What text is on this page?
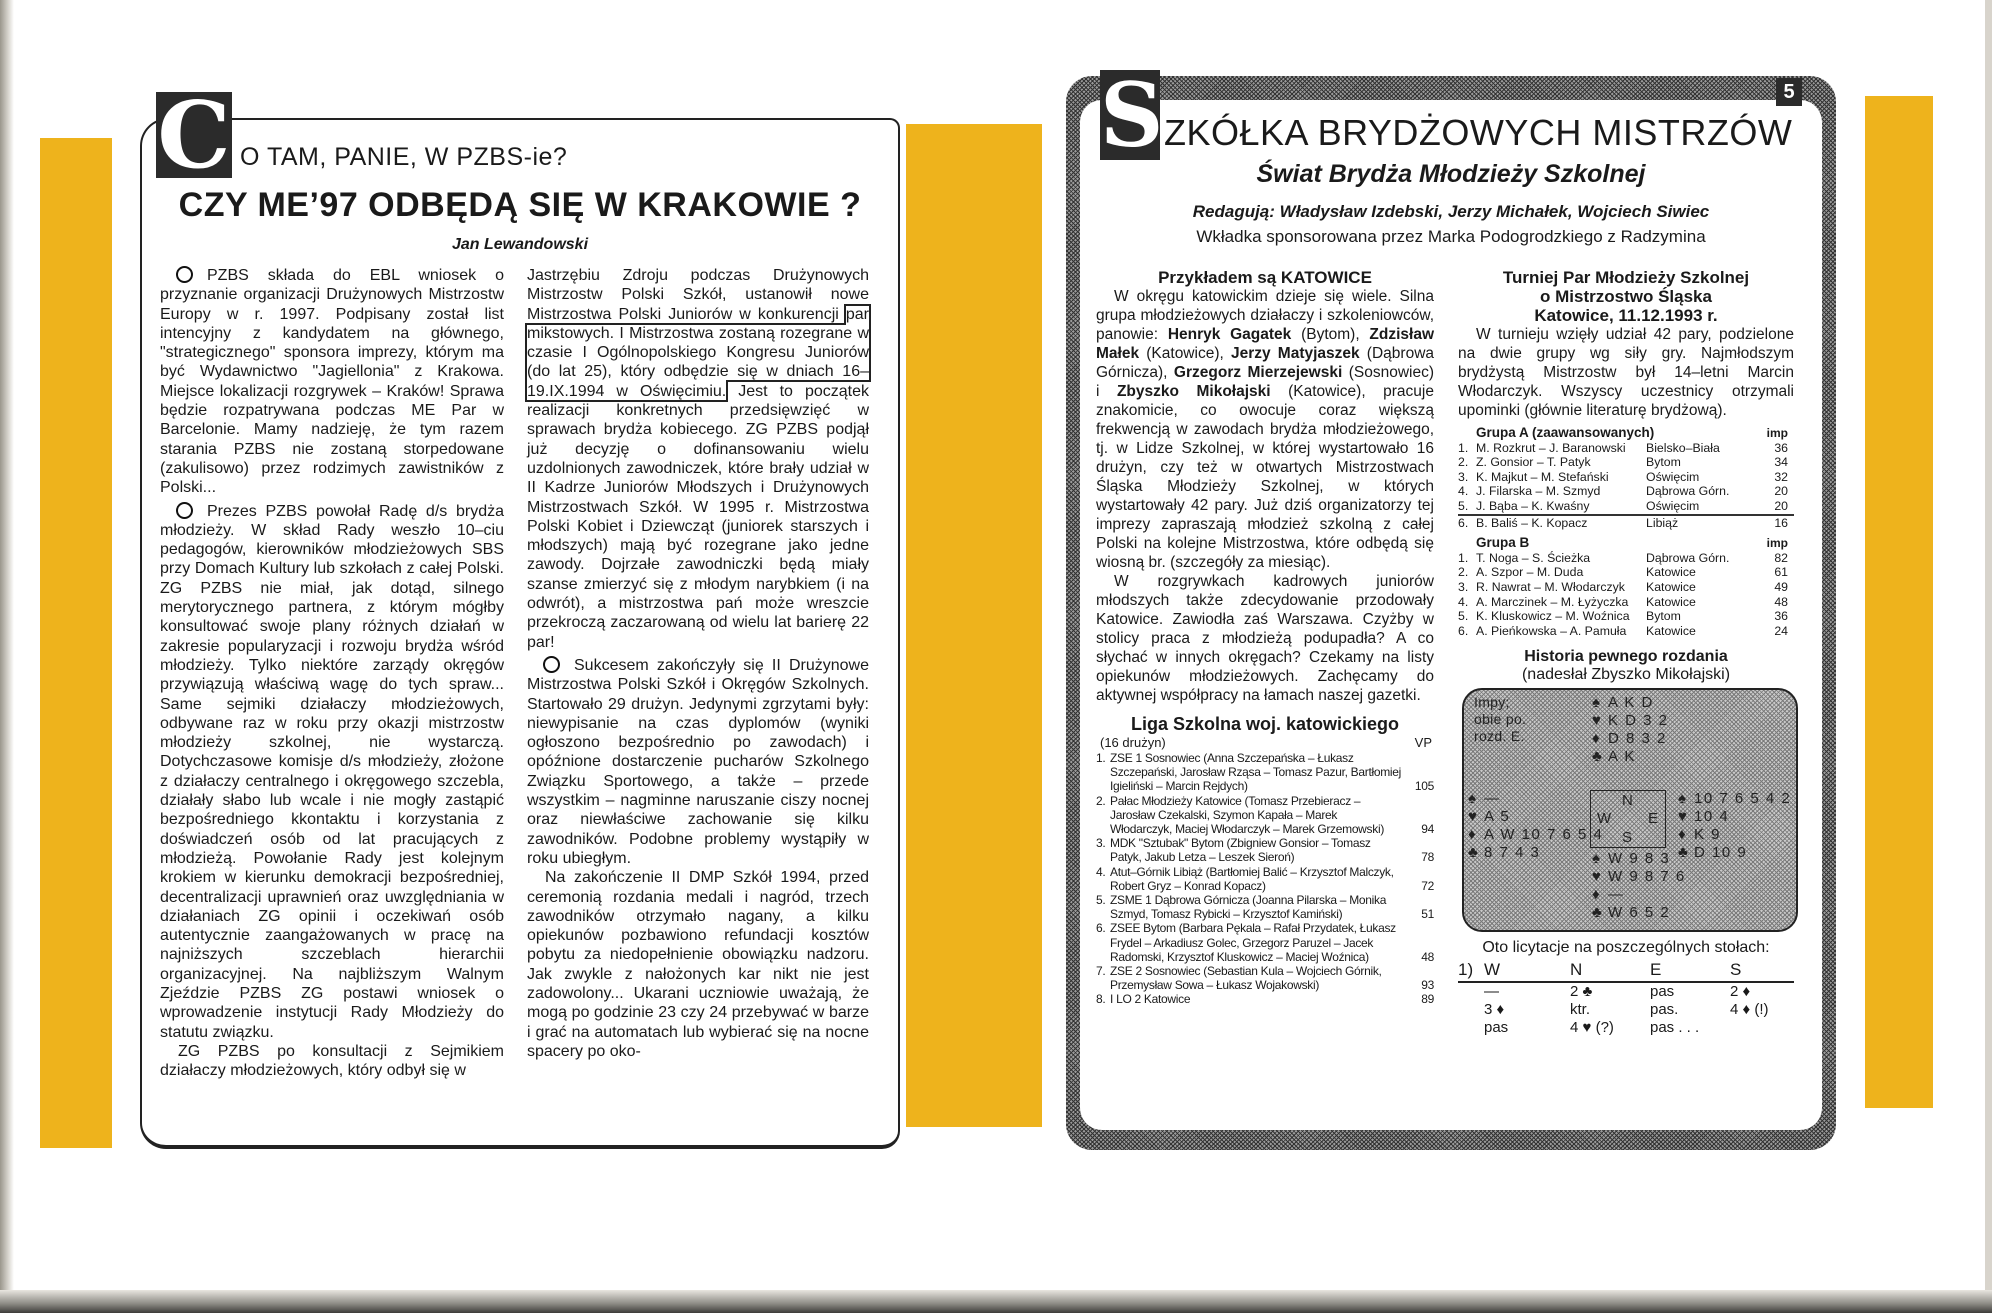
C O TAM, PANIE, W PZBS-ie?
CZY ME’97 ODBĘDĄ SIĘ W KRAKOWIE ?
Jan Lewandowski

PZBS składa do EBL wniosek o przyznanie organizacji Drużynowych Mistrzostw Europy w r. 1997. Podpisany został list intencyjny z kandydatem na głównego, "strategicznego" sponsora imprezy, którym ma być Wydawnictwo "Jagiellonia" z Krakowa. Miejsce lokalizacji rozgrywek – Kraków! Sprawa będzie rozpatrywana podczas ME Par w Barcelonie. Mamy nadzieję, że tym razem starania PZBS nie zostaną storpedowane (zakulisowo) przez rodzimych zawistników z Polski...

Prezes PZBS powołał Radę d/s brydża młodzieży. W skład Rady weszło 10–ciu pedagogów, kierowników młodzieżowych SBS przy Domach Kultury lub szkołach z całej Polski. ZG PZBS nie miał, jak dotąd, silnego merytorycznego partnera, z którym mógłby konsultować swoje plany różnych działań w zakresie popularyzacji i rozwoju brydża wśród młodzieży. Tylko niektóre zarządy okręgów przywiązują właściwą wagę do tych spraw... Same sejmiki działaczy młodzieżowych, odbywane raz w roku przy okazji mistrzostw młodzieży szkolnej, nie wystarczą. Dotychczasowe komisje d/s młodzieży, złożone z działaczy centralnego i okręgowego szczebla, działały słabo lub wcale i nie mogły zastąpić bezpośredniego kkontaktu i korzystania z doświadczeń osób od lat pracujących z młodzieżą. Powołanie Rady jest kolejnym krokiem w kierunku demokracji bezpośredniej, decentralizacji uprawnień oraz uwzględniania w działaniach ZG opinii i oczekiwań osób autentycznie zaangażowanych w pracę na najniższych szczeblach hierarchii organizacyjnej. Na najbliższym Walnym Zjeździe PZBS ZG postawi wniosek o wprowadzenie instytucji Rady Młodzieży do statutu związku.

ZG PZBS po konsultacji z Sejmikiem działaczy młodzieżowych, który odbył się w

Jastrzębiu Zdroju podczas Drużynowych Mistrzostw Polski Szkół, ustanowił nowe Mistrzostwa Polski Juniorów w konkurencji par mikstowych. I Mistrzostwa zostaną rozegrane w czasie I Ogólnopolskiego Kongresu Juniorów (do lat 25), który odbędzie się w dniach 16–19.IX.1994 w Oświęcimiu. Jest to początek realizacji konkretnych przedsięwzięć w sprawach brydża kobiecego. ZG PZBS podjął już decyzję o dofinansowaniu wielu uzdolnionych zawodniczek, które brały udział w II Kadrze Juniorów Młodszych i Drużynowych Mistrzostwach Szkół. W 1995 r. Mistrzostwa Polski Kobiet i Dziewcząt (juniorek starszych i młodszych) mają być rozegrane jako jedne zawody. Dojrzałe zawodniczki będą miały szanse zmierzyć się z młodym narybkiem (i na odwrót), a mistrzostwa pań może wreszcie przekroczą zaczarowaną od wielu lat barierę 22 par!

Sukcesem zakończyły się II Drużynowe Mistrzostwa Polski Szkół i Okręgów Szkolnych. Startowało 29 drużyn. Jedynymi zgrzytami były: niewypisanie na czas dyplomów (wyniki ogłoszono bezpośrednio po zawodach) i opóźnione dostarczenie pucharów Szkolnego Związku Sportowego, a także – przede wszystkim – nagminne naruszanie ciszy nocnej oraz niewłaściwe zachowanie się kilku zawodników. Podobne problemy wystąpiły w roku ubiegłym.

Na zakończenie II DMP Szkół 1994, przed ceremonią rozdania medali i nagród, trzech zawodników otrzymało nagany, a kilku opiekunów pozbawiono refundacji kosztów pobytu za niedopełnienie obowiązku nadzoru. Jak zwykle z nałożonych kar nikt nie jest zadowolony... Ukarani uczniowie uważają, że mogą po godzinie 23 czy 24 przebywać w barze i grać na automatach lub wybierać się na nocne spacery po oko-

S	5
ZKÓŁKA BRYDŻOWYCH MISTRZÓW
Świat Brydża Młodzieży Szkolnej
Redagują: Władysław Izdebski, Jerzy Michałek, Wojciech Siwiec
Wkładka sponsorowana przez Marka Podogrodzkiego z Radzymina
Przykładem są KATOWICE

W okręgu katowickim dzieje się wiele. Silna grupa młodzieżowych działaczy i szkoleniowców, panowie: Henryk Gagatek (Bytom), Zdzisław Małek (Katowice), Jerzy Matyjaszek (Dąbrowa Górnicza), Grzegorz Mierzejewski (Sosnowiec) i Zbyszko Mikołajski (Katowice), pracuje znakomicie, co owocuje coraz większą frekwencją w zawodach brydża młodzieżowego, tj. w Lidze Szkolnej, w której wystartowało 16 drużyn, czy też w otwartych Mistrzostwach Śląska Młodzieży Szkolnej, w których wystartowały 42 pary. Już dziś organizatorzy tej imprezy zapraszają młodzież szkolną z całej Polski na kolejne Mistrzostwa, które odbędą się wiosną br. (szczegóły za miesiąc).

W rozgrywkach kadrowych juniorów młodszych także zdecydowanie przodowały Katowice. Zawiodła zaś Warszawa. Czyżby w stolicy praca z młodzieżą podupadła? A co słychać w innych okręgach? Czekamy na listy opiekunów młodzieżowych. Zachęcamy do aktywnej współpracy na łamach naszej gazetki.

Liga Szkolna woj. katowickiego
(16 drużyn)	VP
1. ZSE 1 Sosnowiec (Anna Szczepańska – Łukasz Szczepański, Jarosław Rząsa – Tomasz Pazur, Bartłomiej Igieliński – Marcin Rejdych)	105
2. Pałac Młodzieży Katowice (Tomasz Przebieracz – Jarosław Czekalski, Szymon Kapała – Marek Włodarczyk, Maciej Włodarczyk – Marek Grzemowski)	94
3. MDK "Sztubak" Bytom (Zbigniew Gonsior – Tomasz Patyk, Jakub Letza – Leszek Sieroń)	78
4. Atut–Górnik Libiąż (Bartłomiej Balić – Krzysztof Malczyk, Robert Gryz – Konrad Kopacz)	72
5. ZSME 1 Dąbrowa Górnicza (Joanna Pilarska – Monika Szmyd, Tomasz Rybicki – Krzysztof Kamiński)	51
6. ZSEE Bytom (Barbara Pękala – Rafał Przydatek, Łukasz Frydel – Arkadiusz Golec, Grzegorz Paruzel – Jacek Radomski, Krzysztof Kluskowicz – Maciej Woźnica)	48
7. ZSE 2 Sosnowiec (Sebastian Kula – Wojciech Górnik, Przemysław Sowa – Łukasz Wojakowski)	93
8. I LO 2 Katowice	89
Turniej Par Młodzieży Szkolnej
o Mistrzostwo Śląska
Katowice, 11.12.1993 r.

W turnieju wzięły udział 42 pary, podzielone na dwie grupy wg siły gry. Najmłodszym brydżystą Mistrzostw był 14–letni Marcin Włodarczyk. Wszyscy uczestnicy otrzymali upominki (głównie literaturę brydżową).

Grupa A (zaawansowanych)	imp
1. M. Rozkrut – J. Baranowski	Bielsko–Biała	36
2. Z. Gonsior – T. Patyk	Bytom	34
3. K. Majkut – M. Stefański	Oświęcim	32
4. J. Filarska – M. Szmyd	Dąbrowa Górn.	20
5. J. Bąba – K. Kwaśny	Oświęcim	20
6. B. Baliś – K. Kopacz	Libiąż	16
Grupa B	imp
1. T. Noga – S. Ścieżka	Dąbrowa Górn.	82
2. A. Szpor – M. Duda	Katowice	61
3. R. Nawrat – M. Włodarczyk	Katowice	49
4. A. Marczinek – M. Łyżyczka	Katowice	48
5. K. Kluskowicz – M. Woźnica	Bytom	36
6. A. Pieńkowska – A. Pamuła	Katowice	24
Historia pewnego rozdania
(nadesłał Zbyszko Mikołajski)
Impy;
obie po.
rozd. E.
♠ A K D
♥ K D 3 2
♦ D 8 3 2
♣ A K
♠ —
♥ A 5
♦ A W 10 7 6 5 4
♣ 8 7 4 3
N
W E
S
♠ 10 7 6 5 4 2
♥ 10 4
♦ K 9
♣ D 10 9
♠ W 9 8 3
♥ W 9 8 7 6
♦ —
♣ W 6 5 2
Oto licytacje na poszczególnych stołach:
1) W	N	E	S
—	2 ♣	pas	2 ♦
3 ♦	ktr.	pas.	4 ♦ (!)
pas	4 ♥ (?)	pas . . .
